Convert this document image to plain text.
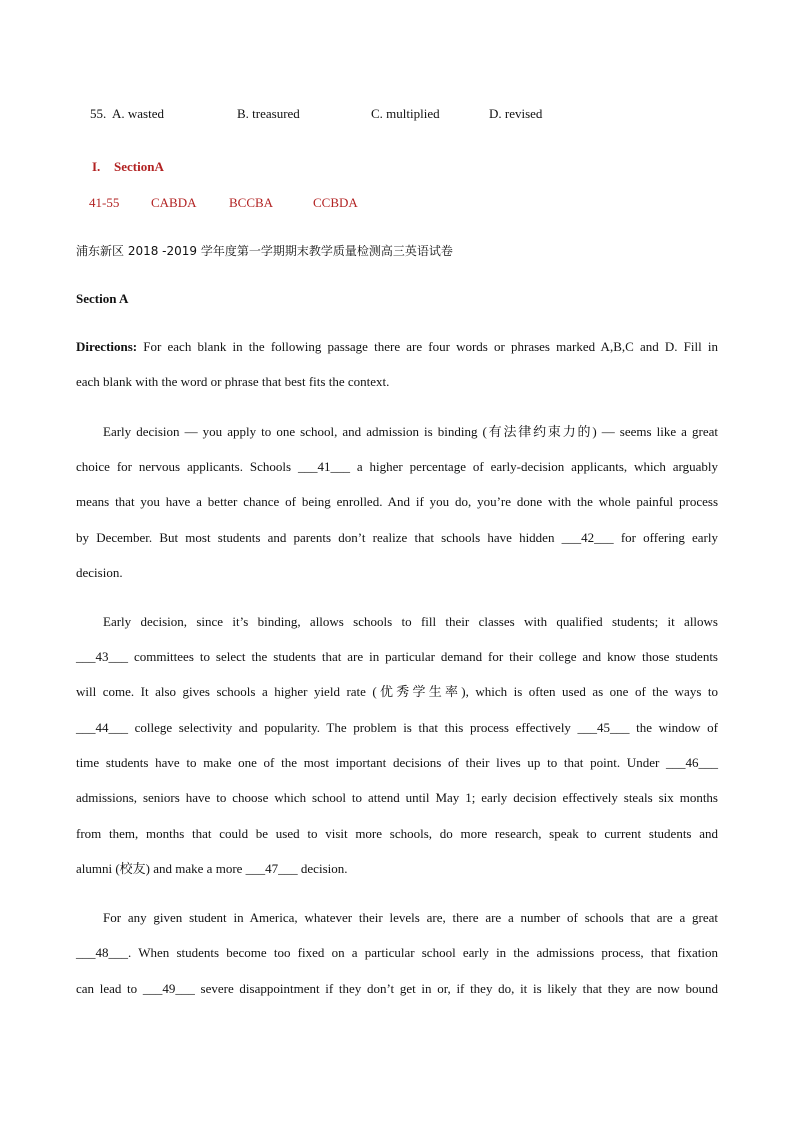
55. A. wasted	B. treasured	C. multiplied	D. revised
I. SectionA
41-55 CABDA BCCBA	CCBDA
浦东新区 2018 -2019 学年度第一学期期末教学质量检测高三英语试卷
Section A
Directions: For each blank in the following passage there are four words or phrases marked A,B,C and D. Fill in
each blank with the word or phrase that best fits the context.
Early decision — you apply to one school, and admission is binding (有法律约束力的) — seems like a great
choice for nervous applicants. Schools ___41___ a higher percentage of early-decision applicants, which arguably
means that you have a better chance of being enrolled. And if you do, you’re done with the whole painful process
by December. But most students and parents don’t realize that schools have hidden ___42___ for offering early
decision.
Early decision, since it’s binding, allows schools to fill their classes with qualified students; it allows
___43___ committees to select the students that are in particular demand for their college and know those students
will come. It also gives schools a higher yield rate (优秀学生率), which is often used as one of the ways to
___44___ college selectivity and popularity. The problem is that this process effectively ___45___ the window of
time students have to make one of the most important decisions of their lives up to that point. Under ___46___
admissions, seniors have to choose which school to attend until May 1; early decision effectively steals six months
from them, months that could be used to visit more schools, do more research, speak to current students and
alumni (校友) and make a more ___47___ decision.
For any given student in America, whatever their levels are, there are a number of schools that are a great
___48___. When students become too fixed on a particular school early in the admissions process, that fixation
can lead to ___49___ severe disappointment if they don’t get in or, if they do, it is likely that they are now bound
